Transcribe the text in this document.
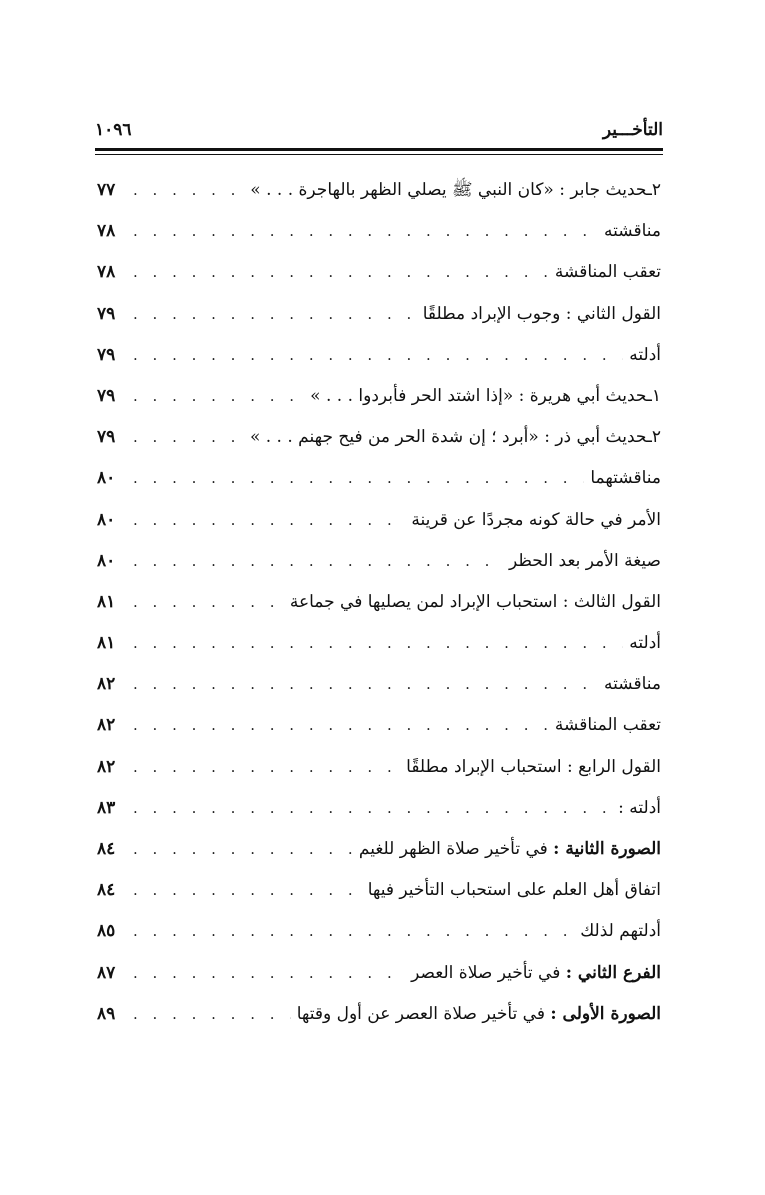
التأخـــير
١٠٩٦
٢ـحديث جابر : «كان النبي ﷺ يصلي الظهر بالهاجرة . . . »
. . .
٧٧
مناقشته
. . .
٧٨
تعقب المناقشة
. . .
٧٨
القول الثاني : وجوب الإبراد مطلقًا
. . .
٧٩
أدلته
. . .
٧٩
١ـحديث أبي هريرة : «إذا اشتد الحر فأبردوا . . . »
. . .
٧٩
٢ـحديث أبي ذر : «أبرد ؛ إن شدة الحر من فيح جهنم . . . »
. . .
٧٩
مناقشتهما
. . .
٨٠
الأمر في حالة كونه مجردًا عن قرينة
. . .
٨٠
صيغة الأمر بعد الحظر
. . .
٨٠
القول الثالث : استحباب الإبراد لمن يصليها في جماعة
. . .
٨١
أدلته
. . .
٨١
مناقشته
. . .
٨٢
تعقب المناقشة
. . .
٨٢
القول الرابع : استحباب الإبراد مطلقًا
. . .
٨٢
أدلته :
. . .
٨٣
الصورة الثانية : في تأخير صلاة الظهر للغيم
. . .
٨٤
اتفاق أهل العلم على استحباب التأخير فيها
. . .
٨٤
أدلتهم لذلك
. . .
٨٥
الفرع الثاني : في تأخير صلاة العصر
. . .
٨٧
الصورة الأولى : في تأخير صلاة العصر عن أول وقتها
. . .
٨٩
